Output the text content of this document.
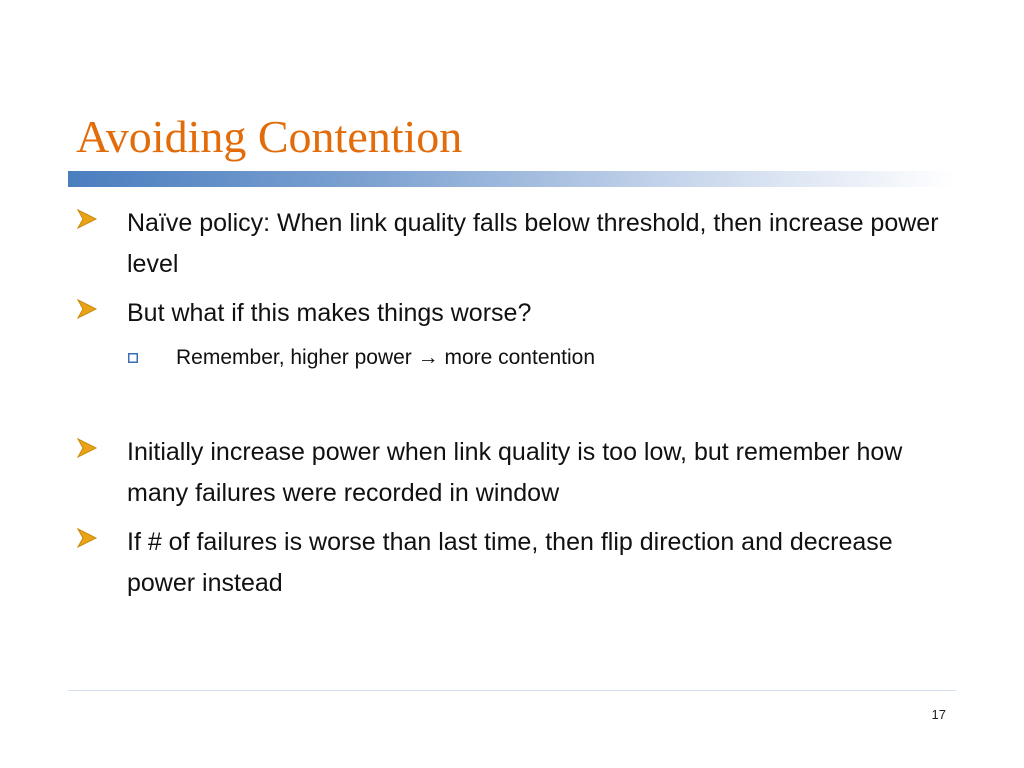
Avoiding Contention
Naïve policy: When link quality falls below threshold, then increase power level
But what if this makes things worse?
Remember, higher power → more contention
Initially increase power when link quality is too low, but remember how many failures were recorded in window
If # of failures is worse than last time, then flip direction and decrease power instead
17
